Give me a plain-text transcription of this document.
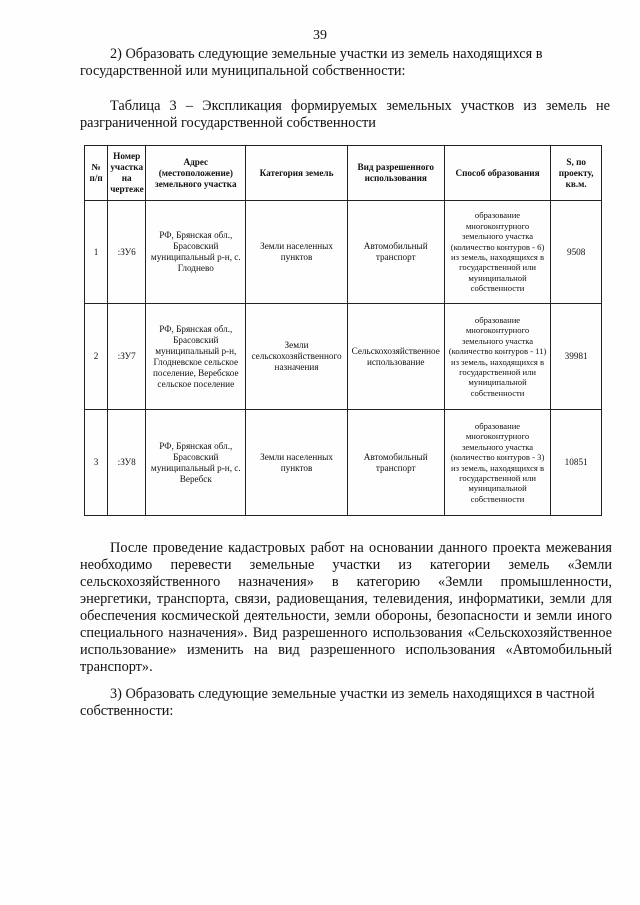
39
2) Образовать следующие земельные участки из земель находящихся в государственной или муниципальной собственности:
Таблица 3 – Экспликация формируемых земельных участков из земель не разграниченной государственной собственности
№ п/п	Номер участка на чертеже	Адрес (местоположение) земельного участка	Категория земель	Вид разрешенного использования	Способ образования	S, по проекту, кв.м.
1	:ЗУ6	РФ, Брянская обл., Брасовский муниципальный р-н, с. Глоднево	Земли населенных пунктов	Автомобильный транспорт	образование многоконтурного земельного участка (количество контуров - 6) из земель, находящихся в государственной или муниципальной собственности	9508
2	:ЗУ7	РФ, Брянская обл., Брасовский муниципальный р-н, Глодневское сельское поселение, Веребское сельское поселение	Земли сельскохозяйственного назначения	Сельскохозяйственное использование	образование многоконтурного земельного участка (количество контуров - 11) из земель, находящихся в государственной или муниципальной собственности	39981
3	:ЗУ8	РФ, Брянская обл., Брасовский муниципальный р-н, с. Веребск	Земли населенных пунктов	Автомобильный транспорт	образование многоконтурного земельного участка (количество контуров - 3) из земель, находящихся в государственной или муниципальной собственности	10851
После проведение кадастровых работ на основании данного проекта межевания необходимо перевести земельные участки из категории земель «Земли сельскохозяйственного назначения» в категорию «Земли промышленности, энергетики, транспорта, связи, радиовещания, телевидения, информатики, земли для обеспечения космической деятельности, земли обороны, безопасности и земли иного специального назначения». Вид разрешенного использования «Сельскохозяйственное использование» изменить на вид разрешенного использования «Автомобильный транспорт».
3) Образовать следующие земельные участки из земель находящихся в частной собственности:
